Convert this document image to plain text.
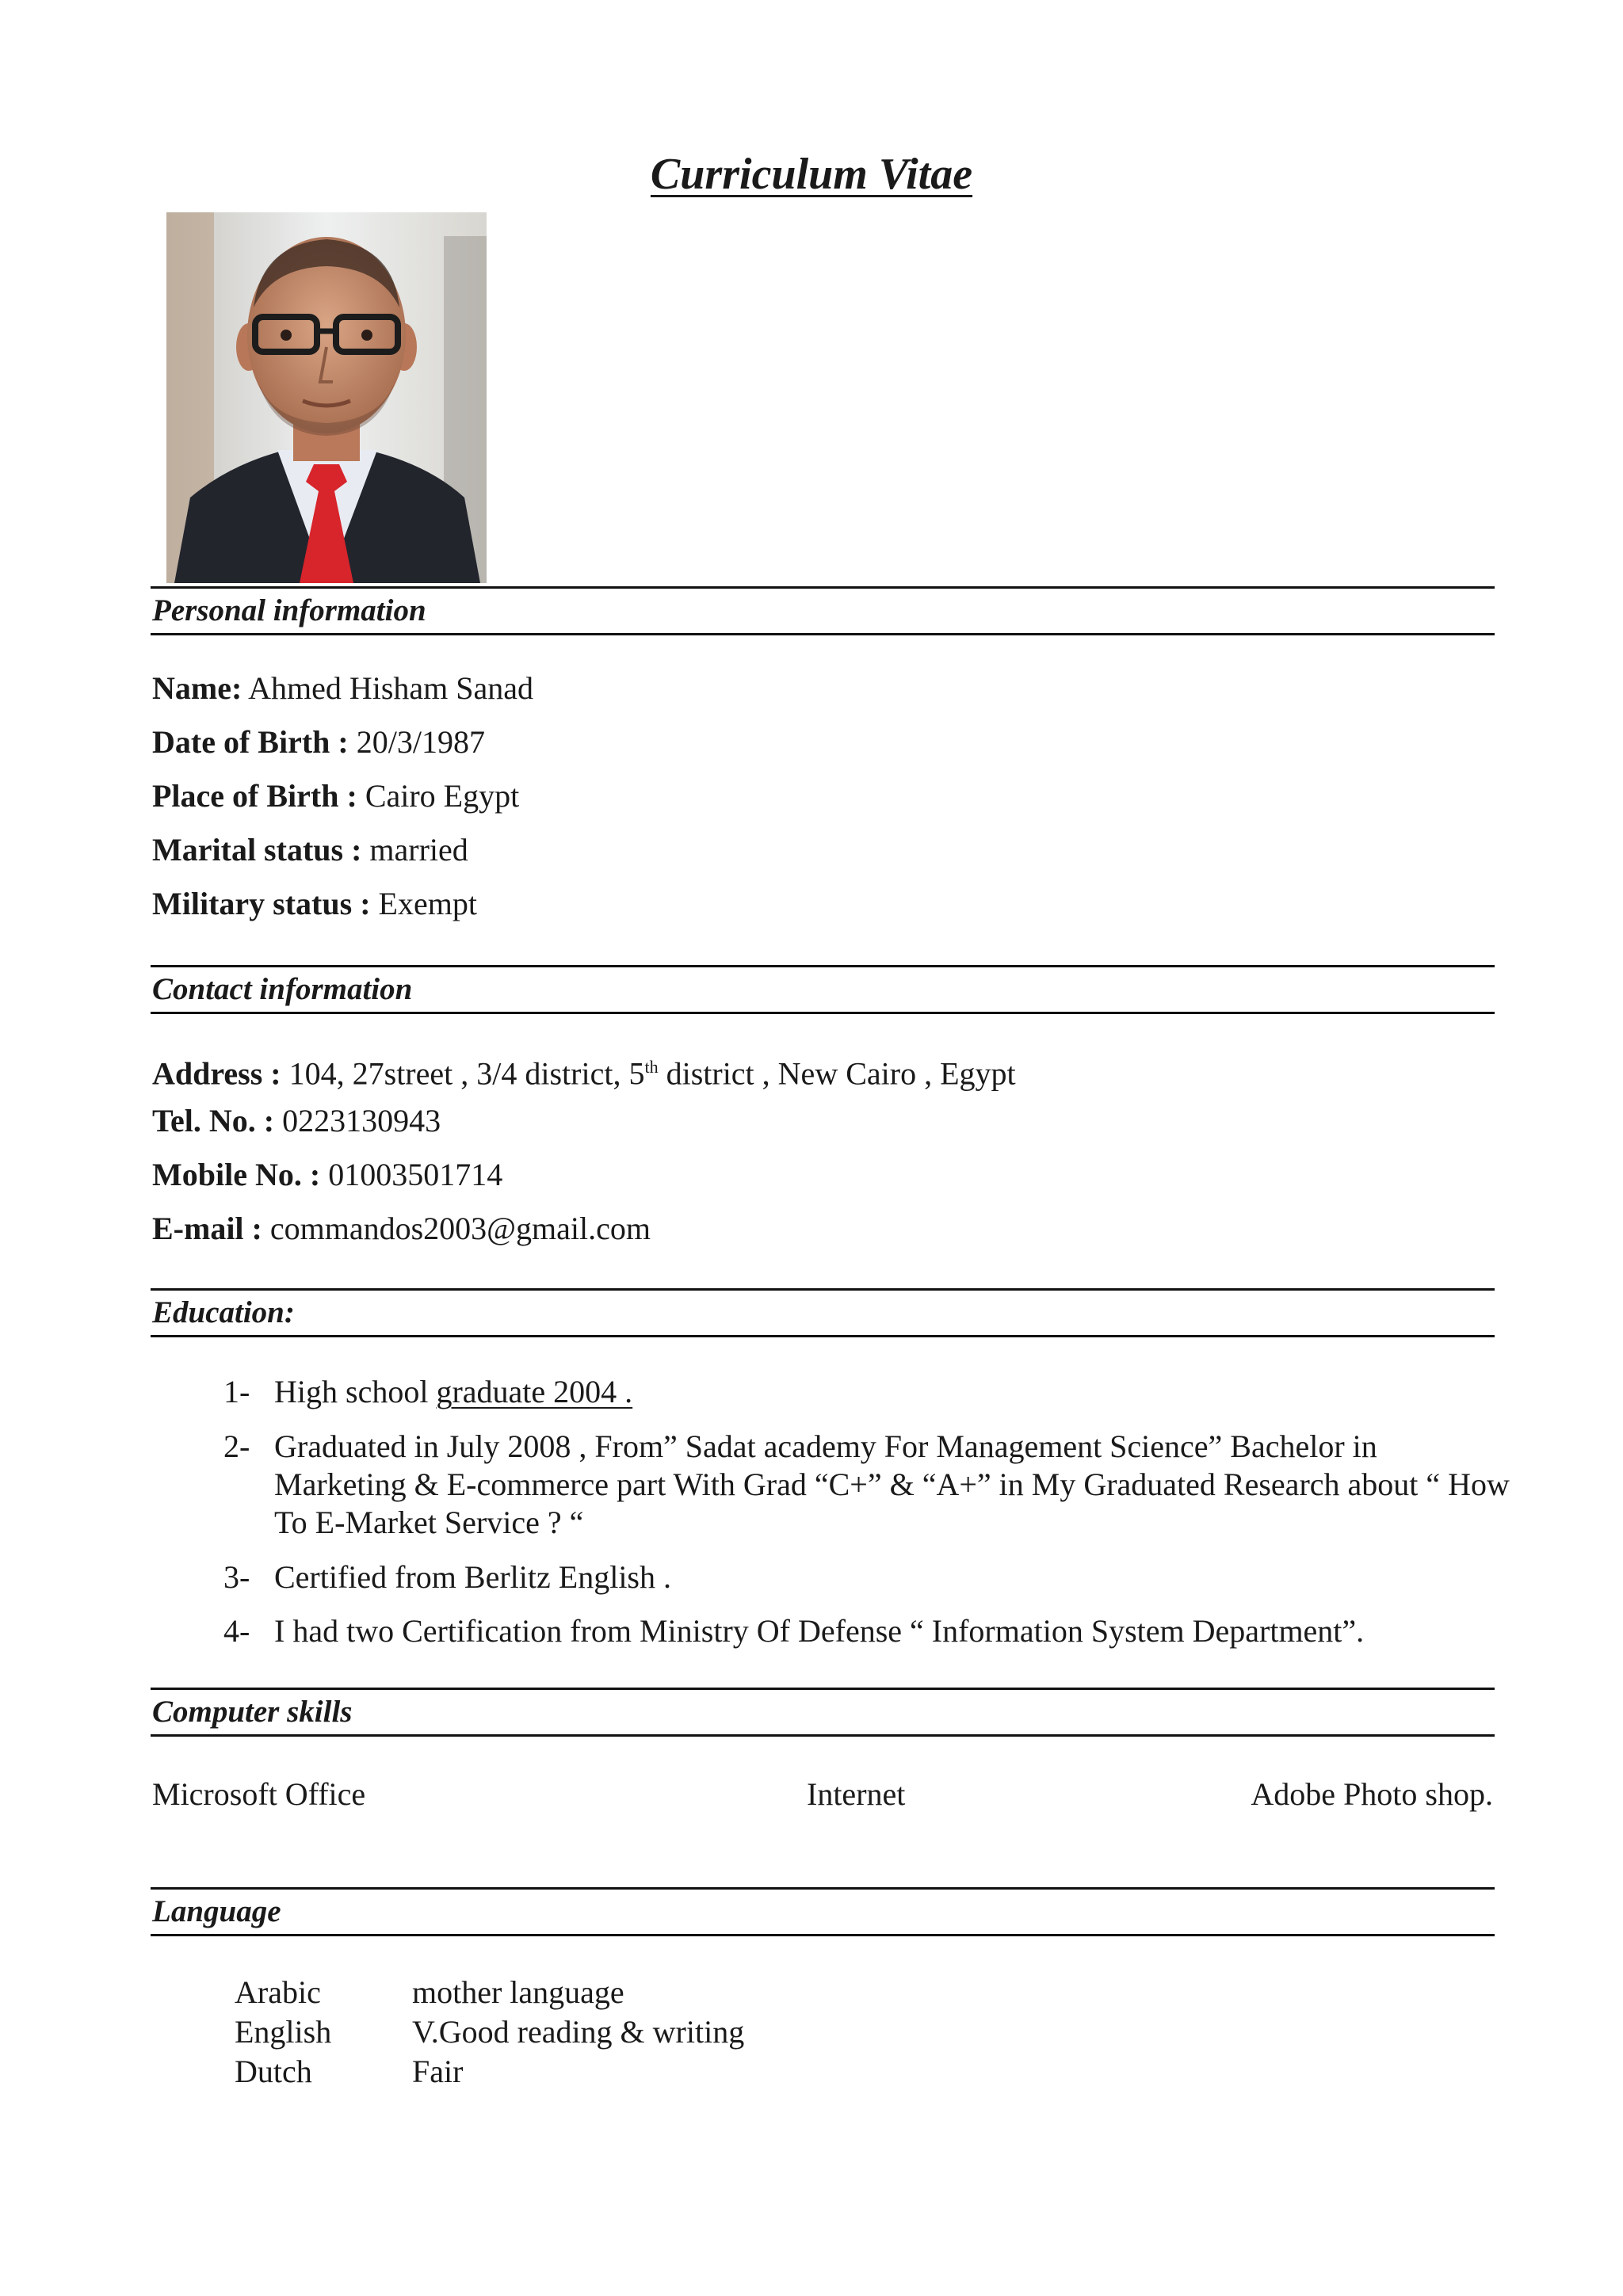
Curriculum Vitae
Personal information
Name: Ahmed Hisham Sanad
Date of Birth : 20/3/1987
Place of Birth : Cairo Egypt
Marital status : married
Military status : Exempt
Contact information
Address : 104, 27street , 3/4 district, 5th district , New Cairo , Egypt
Tel. No. : 0223130943
Mobile No. : 01003501714
E-mail : commandos2003@gmail.com
Education:
1- High school graduate 2004 .
2- Graduated in July 2008 , From” Sadat academy For Management Science” Bachelor in Marketing & E-commerce part With Grad “C+” & “A+” in My Graduated Research about “ How To E-Market Service ? “
3- Certified from Berlitz English .
4- I had two Certification from Ministry Of Defense “ Information System Department”.
Computer skills
Microsoft Office	Internet	Adobe Photo shop.
Language
Arabic	mother language
English	V.Good reading & writing
Dutch	Fair
